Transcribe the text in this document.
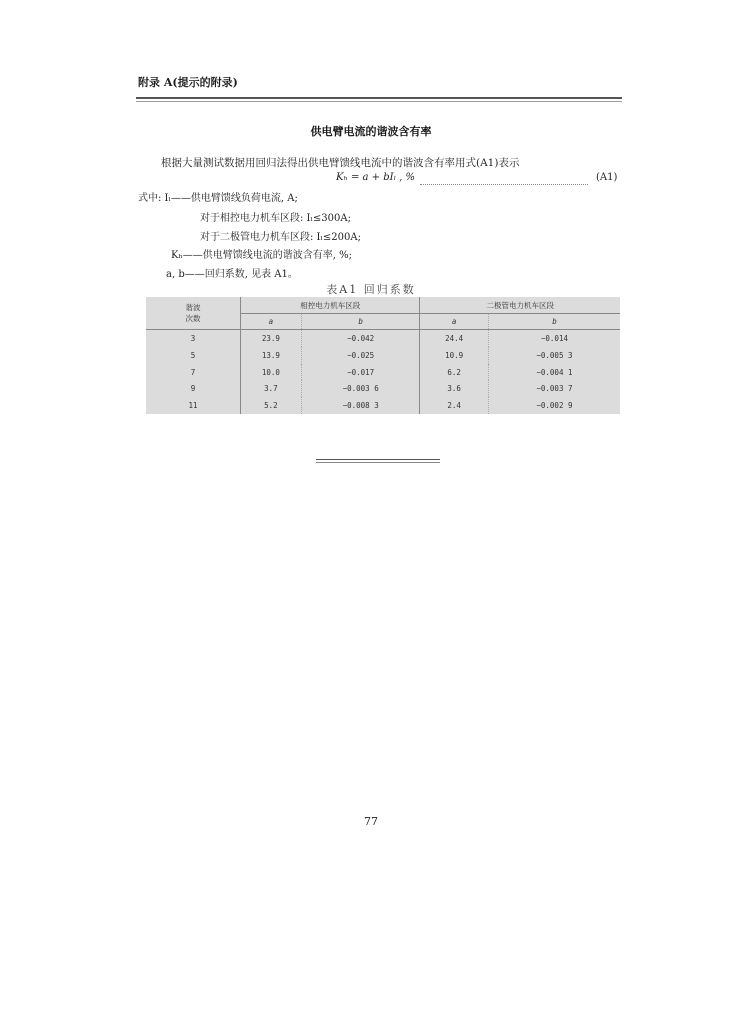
附录 A(提示的附录)
供电臂电流的谐波含有率
根据大量测试数据用回归法得出供电臂馈线电流中的谐波含有率用式(A1)表示
Kₕ = a + bIₗ , %	(A1)
式中: Iₗ——供电臂馈线负荷电流, A;
对于相控电力机车区段: Iₗ≤300A;
对于二极管电力机车区段: Iₗ≤200A;
Kₕ——供电臂馈线电流的谐波含有率, %;
a, b——回归系数, 见表 A1。
表A1 回归系数
谐波
次数	相控电力机车区段		二极管电力机车区段	
	a	b	a	b
3	23.9	−0.042	24.4	−0.014
5	13.9	−0.025	10.9	−0.005 3
7	10.0	−0.017	6.2	−0.004 1
9	3.7	−0.003 6	3.6	−0.003 7
11	5.2	−0.008 3	2.4	−0.002 9
77
